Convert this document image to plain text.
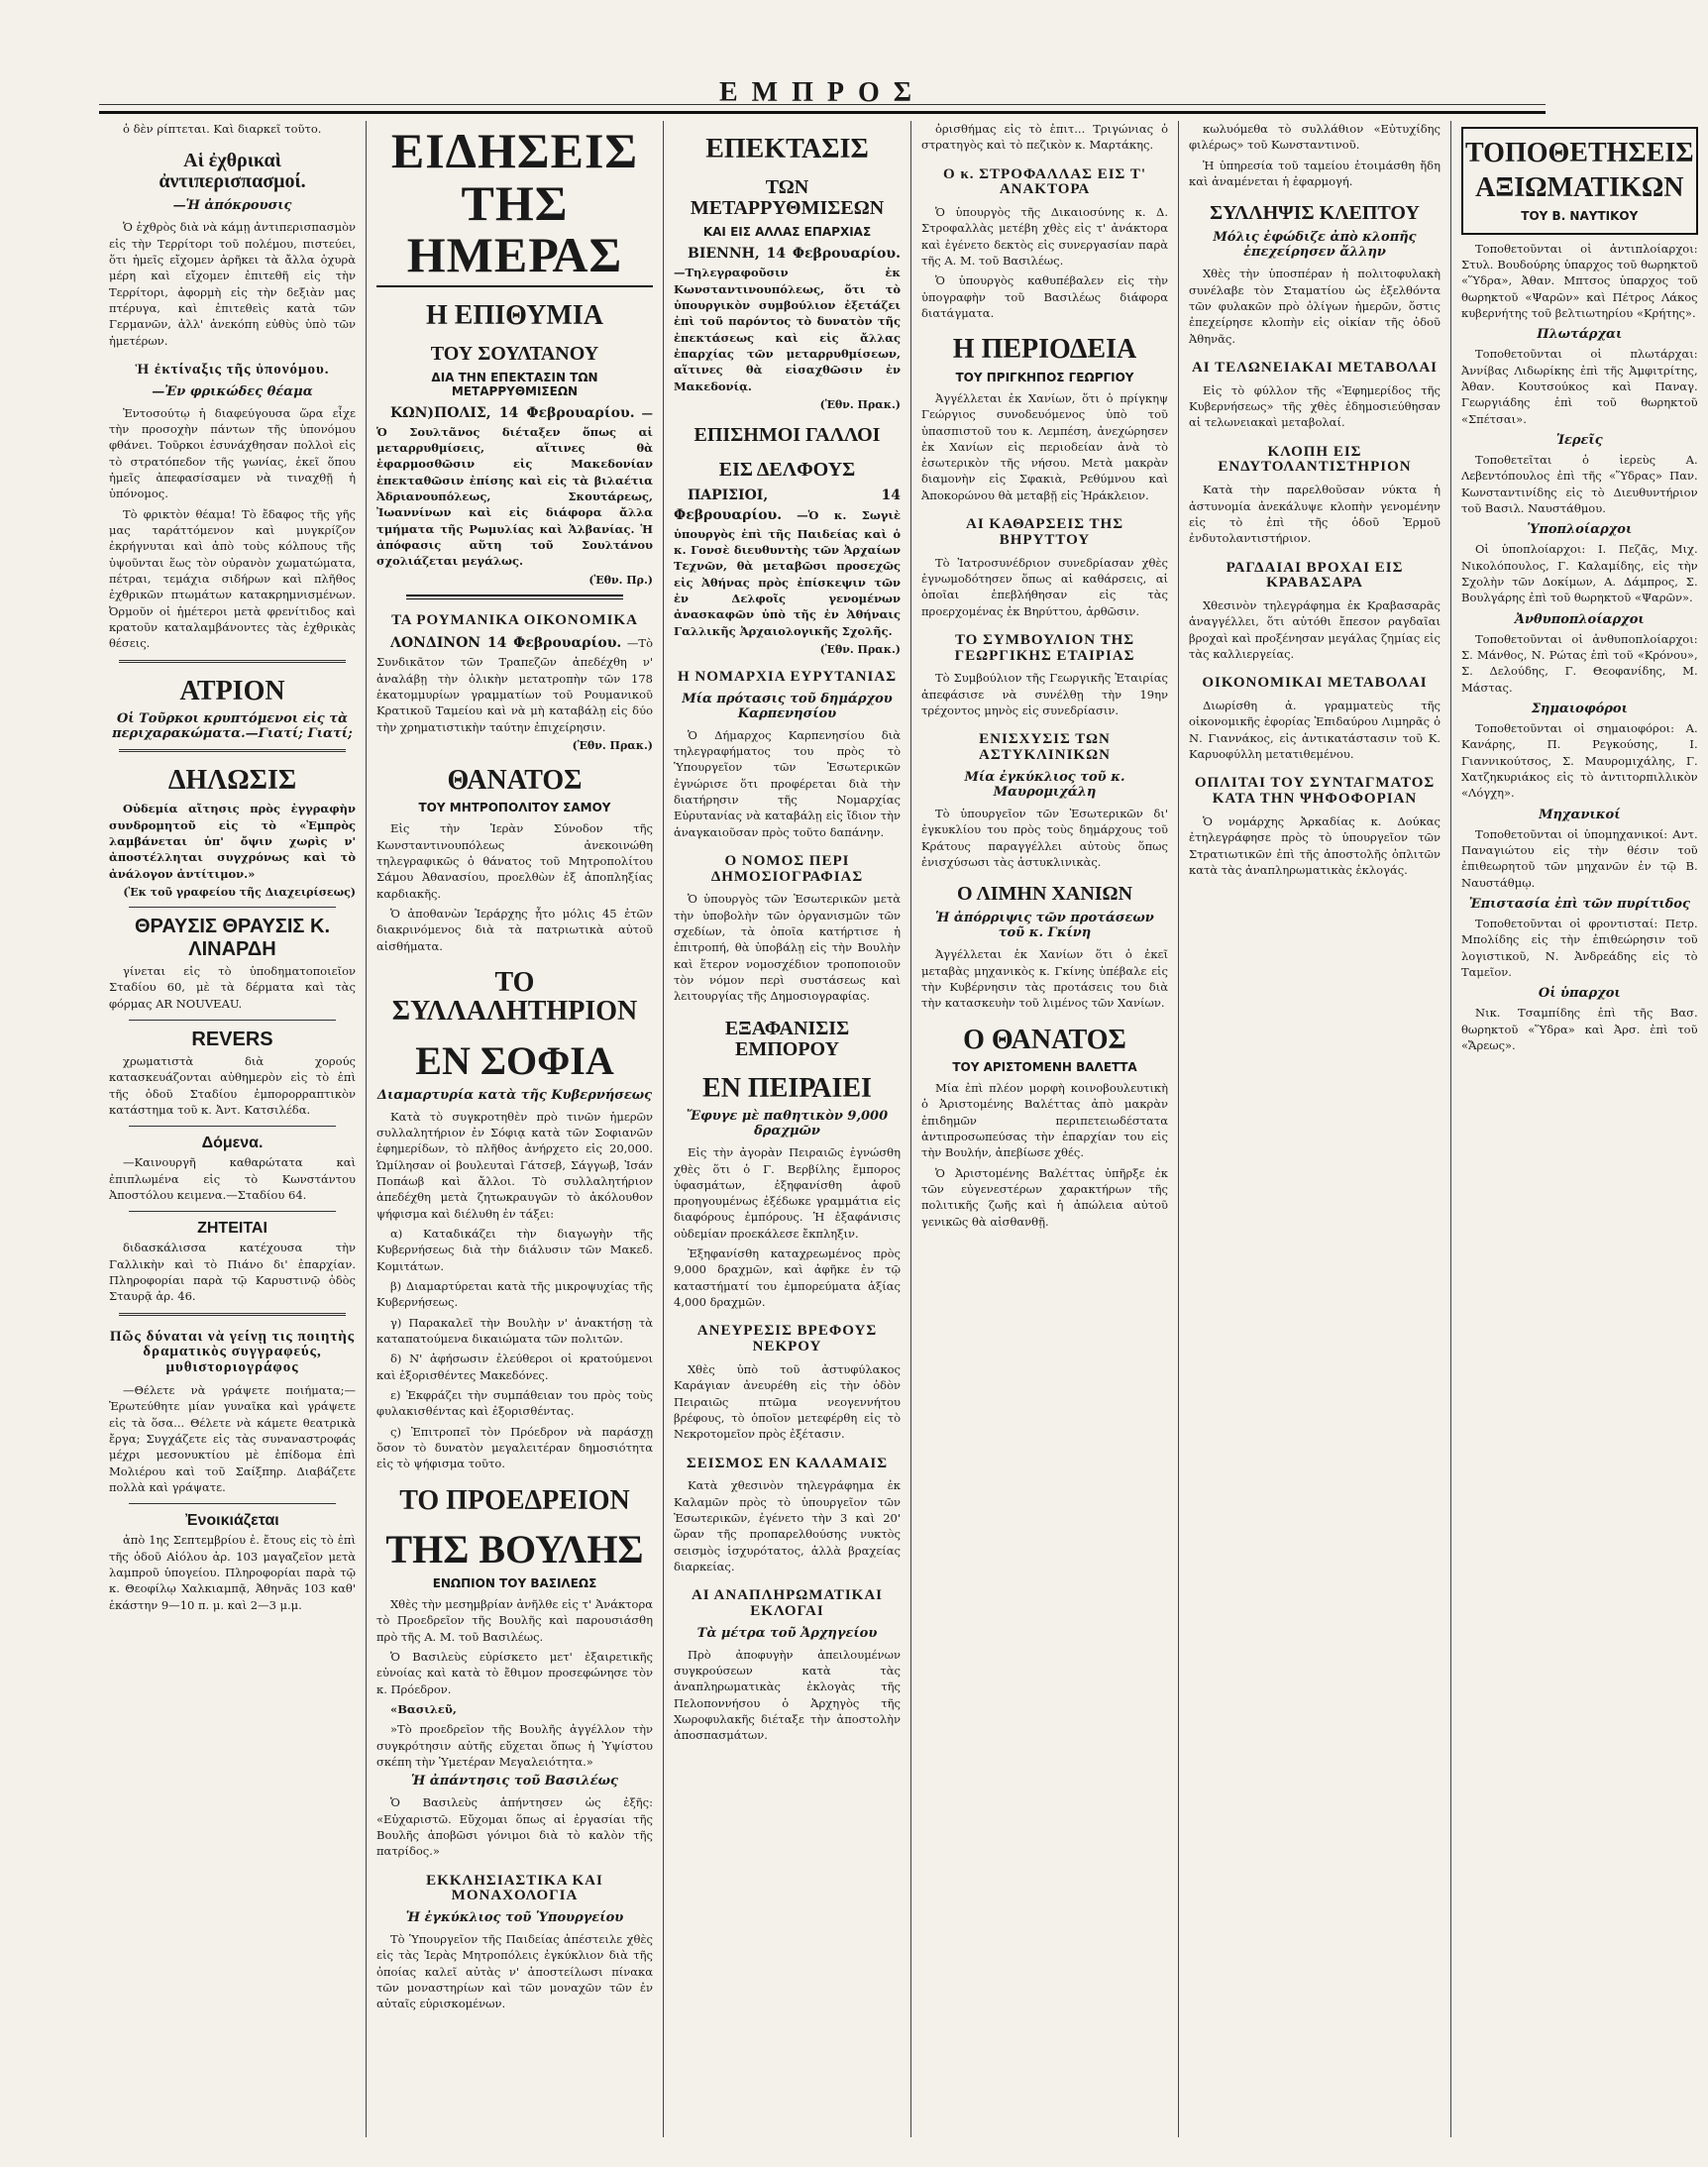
ΕΜΠΡΟΣ

ὁ δὲν ρίπτεται. Καὶ διαρκεῖ τοῦτο.

Αἱ ἐχθρικαὶ ἀντιπερισπασμοί.
—Ἡ ἀπόκρουσις

Ὁ ἐχθρὸς διὰ νὰ κάμῃ ἀντιπερισπασμὸν εἰς τὴν Τερρίτορι τοῦ πολέμου, πιστεύει, ὅτι ἡμεῖς εἴχομεν ἀρῆκει τὰ ἄλλα ὀχυρὰ μέρη καὶ εἴχομεν ἐπιτεθῆ εἰς τὴν Τερρίτορι, ἀφορμὴ εἰς τὴν δεξιὰν μας πτέρυγα, καὶ ἐπιτεθεὶς κατὰ τῶν Γερμανῶν, ἀλλ' ἀνεκόπη εὐθὺς ὑπὸ τῶν ἡμετέρων.

Ἡ ἐκτίναξις τῆς ὑπονόμου.
—Ἐν φρικώδες θέαμα

Ἐντοσούτῳ ἡ διαφεύγουσα ὥρα εἶχε τὴν προσοχὴν πάντων τῆς ὑπονόμου φθάνει. Τοῦρκοι ἐσυνάχθησαν πολλοὶ εἰς τὸ στρατόπεδον τῆς γωνίας, ἐκεῖ ὅπου ἡμεῖς ἀπεφασίσαμεν νὰ τιναχθῇ ἡ ὑπόνομος.

Τὸ φρικτὸν θέαμα! Τὸ ἔδαφος τῆς γῆς μας ταράττόμενον καὶ μυγκρίζον ἐκρήγνυται καὶ ἀπὸ τοὺς κόλπους τῆς ὑψοῦνται ἕως τὸν οὐρανὸν χωματώματα, πέτραι, τεμάχια σιδήρων καὶ πλῆθος ἐχθρικῶν πτωμάτων κατακρημνισμένων. Ὀρμοῦν οἱ ἡμέτεροι μετὰ φρενίτιδος καὶ κρατοῦν καταλαμβάνοντες τὰς ἐχθρικὰς θέσεις.

ΑΤΡΙΟΝ
Οἱ Τοῦρκοι κρυπτόμενοι εἰς τὰ περιχαρακώματα.—Γιατί; Γιατί;
ΔΗΛΩΣΙΣ

Οὐδεμία αἴτησις πρὸς ἐγγραφὴν συνδρομητοῦ εἰς τὸ «Ἐμπρὸς λαμβάνεται ὑπ' ὄψιν χωρὶς ν' ἀποστέλληται συγχρόνως καὶ τὸ ἀνάλογον ἀντίτιμον.»

(Ἐκ τοῦ γραφείου τῆς Διαχειρίσεως)
ΘΡΑΥΣΙΣ ΘΡΑΥΣΙΣ Κ. ΛΙΝΑΡΔΗ

γίνεται εἰς τὸ ὑποδηματοποιεῖον Σταδίου 60, μὲ τὰ δέρματα καὶ τὰς φόρμας AR NOUVEAU.

REVERS

χρωματιστὰ διὰ χορούς κατασκευάζονται αὐθημερὸν εἰς τὸ ἐπὶ τῆς ὁδοῦ Σταδίου ἐμπορορραπτικὸν κατάστημα τοῦ κ. Ἀντ. Κατσιλέδα.

Δόμενα.

—Καινουργῆ καθαρώτατα καὶ ἐπιπλωμένα εἰς τὸ Κωνστάντου Ἀποστόλου κειμενα.—Σταδίου 64.

ΖΗΤΕΙΤΑΙ

διδασκάλισσα κατέχουσα τὴν Γαλλικὴν καὶ τὸ Πιάνο δι' ἐπαρχίαν. Πληροφορίαι παρὰ τῷ Καρυστινῷ ὁδὸς Σταυρᾷ ἀρ. 46.

Πῶς δύναται νὰ γείνῃ τις ποιητὴς δραματικὸς συγγραφεύς, μυθιστοριογράφος

—Θέλετε νὰ γράψετε ποιήματα;—Ἐρωτεύθητε μίαν γυναῖκα καὶ γράψετε εἰς τὰ ὅσα... Θέλετε νὰ κάμετε θεατρικὰ ἔργα; Συγχάζετε εἰς τὰς συναναστροφάς μέχρι μεσονυκτίου μὲ ἐπίδομα ἐπὶ Μολιέρου καὶ τοῦ Σαίξπηρ. Διαβάζετε πολλὰ καὶ γράψατε.

Ἐνοικιάζεται

ἀπὸ 1ης Σεπτεμβρίου ἐ. ἔτους εἰς τὸ ἐπὶ τῆς ὁδοῦ Αἰόλου ἀρ. 103 μαγαζεῖον μετὰ λαμπροῦ ὑπογείου. Πληροφορίαι παρὰ τῷ κ. Θεοφίλῳ Χαλκιαμπᾷ, Ἀθηνᾶς 103 καθ' ἑκάστην 9—10 π. μ. καὶ 2—3 μ.μ.

ΕΙΔΗΣΕΙΣ ΤΗΣ ΗΜΕΡΑΣ
Η ΕΠΙΘΥΜΙΑ
ΤΟΥ ΣΟΥΛΤΑΝΟΥ
ΔΙΑ ΤΗΝ ΕΠΕΚΤΑΣΙΝ ΤΩΝ ΜΕΤΑΡΡΥΘΜΙΣΕΩΝ

ΚΩΝ)ΠΟΛΙΣ, 14 Φεβρουαρίου. —Ὁ Σουλτᾶνος διέταξεν ὅπως αἱ μεταρρυθμίσεις, αἵτινες θὰ ἐφαρμοσθῶσιν εἰς Μακεδονίαν ἐπεκταθῶσιν ἐπίσης καὶ εἰς τὰ βιλαέτια Ἀδριανουπόλεως, Σκουτάρεως, Ἰωαννίνων καὶ εἰς διάφορα ἄλλα τμήματα τῆς Ρωμυλίας καὶ Ἀλβανίας. Ἡ ἀπόφασις αὕτη τοῦ Σουλτάνου σχολιάζεται μεγάλως.

(Ἐθν. Πρ.)
ΤΑ ΡΟΥΜΑΝΙΚΑ ΟΙΚΟΝΟΜΙΚΑ

ΛΟΝΔΙΝΟΝ 14 Φεβρουαρίου. —Τὸ Συνδικᾶτον τῶν Τραπεζῶν ἀπεδέχθη ν' ἀναλάβῃ τὴν ὁλικὴν μετατροπὴν τῶν 178 ἑκατομμυρίων γραμματίων τοῦ Ρουμανικοῦ Κρατικοῦ Ταμείου καὶ νὰ μὴ καταβάλῃ εἰς δύο τὴν χρηματιστικὴν ταύτην ἐπιχείρησιν.

(Ἐθν. Πρακ.)
ΘΑΝΑΤΟΣ
ΤΟΥ ΜΗΤΡΟΠΟΛΙΤΟΥ ΣΑΜΟΥ

Εἰς τὴν Ἱερὰν Σύνοδον τῆς Κωνσταντινουπόλεως ἀνεκοινώθη τηλεγραφικῶς ὁ θάνατος τοῦ Μητροπολίτου Σάμου Ἀθανασίου, προελθὼν ἐξ ἀποπληξίας καρδιακῆς.

Ὁ ἀποθανὼν Ἱεράρχης ἦτο μόλις 45 ἐτῶν διακρινόμενος διὰ τὰ πατριωτικὰ αὐτοῦ αἰσθήματα.

ΤΟ ΣΥΛΛΑΛΗΤΗΡΙΟΝ
ΕΝ ΣΟΦΙΑ
Διαμαρτυρία κατὰ τῆς Κυβερνήσεως

Κατὰ τὸ συγκροτηθὲν πρὸ τινῶν ἡμερῶν συλλαλητήριον ἐν Σόφιᾳ κατὰ τῶν Σοφιανῶν ἐφημερίδων, τὸ πλῆθος ἀνήρχετο εἰς 20,000. Ὡμίλησαν οἱ βουλευταὶ Γάτσεβ, Σάγγωβ, Ἰσάν Ποπάωβ καὶ ἄλλοι. Τὸ συλλαλητήριον ἀπεδέχθη μετὰ ζητωκραυγῶν τὸ ἀκόλουθον ψήφισμα καὶ διέλυθη ἐν τάξει:

α) Καταδικάζει τὴν διαγωγὴν τῆς Κυβερνήσεως διὰ τὴν διάλυσιν τῶν Μακεδ. Κομιτάτων.

β) Διαμαρτύρεται κατὰ τῆς μικροψυχίας τῆς Κυβερνήσεως.

γ) Παρακαλεῖ τὴν Βουλὴν ν' ἀνακτήσῃ τὰ καταπατούμενα δικαιώματα τῶν πολιτῶν.

δ) Ν' ἀφήσωσιν ἐλεύθεροι οἱ κρατούμενοι καὶ ἐξορισθέντες Μακεδόνες.

ε) Ἐκφράζει τὴν συμπάθειαν του πρὸς τοὺς φυλακισθέντας καὶ ἐξορισθέντας.

ς) Ἐπιτροπεῖ τὸν Πρόεδρον νὰ παράσχῃ ὅσον τὸ δυνατὸν μεγαλειτέραν δημοσιότητα εἰς τὸ ψήφισμα τοῦτο.

ΤΟ ΠΡΟΕΔΡΕΙΟΝ
ΤΗΣ ΒΟΥΛΗΣ
ΕΝΩΠΙΟΝ ΤΟΥ ΒΑΣΙΛΕΩΣ

Χθὲς τὴν μεσημβρίαν ἀνῆλθε εἰς τ' Ἀνάκτορα τὸ Προεδρεῖον τῆς Βουλῆς καὶ παρουσιάσθη πρὸ τῆς Α. Μ. τοῦ Βασιλέως.

Ὁ Βασιλεὺς εὑρίσκετο μετ' ἐξαιρετικῆς εὐνοίας καὶ κατὰ τὸ ἔθιμον προσεφώνησε τὸν κ. Πρόεδρον.

«Βασιλεῦ,

»Τὸ προεδρεῖον τῆς Βουλῆς ἀγγέλλον τὴν συγκρότησιν αὐτῆς εὔχεται ὅπως ἡ Ὑψίστου σκέπη τὴν Ὑμετέραν Μεγαλειότητα.»

Ἡ ἀπάντησις τοῦ Βασιλέως

Ὁ Βασιλεὺς ἀπήντησεν ὡς ἑξῆς: «Εὐχαριστῶ. Εὔχομαι ὅπως αἱ ἐργασίαι τῆς Βουλῆς ἀποβῶσι γόνιμοι διὰ τὸ καλὸν τῆς πατρίδος.»

ΕΚΚΛΗΣΙΑΣΤΙΚΑ ΚΑΙ ΜΟΝΑΧΟΛΟΓΙΑ
Ἡ ἐγκύκλιος τοῦ Ὑπουργείου

Τὸ Ὑπουργεῖον τῆς Παιδείας ἀπέστειλε χθὲς εἰς τὰς Ἱερὰς Μητροπόλεις ἐγκύκλιον διὰ τῆς ὁποίας καλεῖ αὐτὰς ν' ἀποστείλωσι πίνακα τῶν μοναστηρίων καὶ τῶν μοναχῶν τῶν ἐν αὐταῖς εὑρισκομένων.

ΕΠΕΚΤΑΣΙΣ
ΤΩΝ ΜΕΤΑΡΡΥΘΜΙΣΕΩΝ
ΚΑΙ ΕΙΣ ΑΛΛΑΣ ΕΠΑΡΧΙΑΣ

ΒΙΕΝΝΗ, 14 Φεβρουαρίου. —Τηλεγραφοῦσιν ἐκ Κωνσταντινουπόλεως, ὅτι τὸ ὑπουργικὸν συμβούλιον ἐξετάζει ἐπὶ τοῦ παρόντος τὸ δυνατὸν τῆς ἐπεκτάσεως καὶ εἰς ἄλλας ἐπαρχίας τῶν μεταρρυθμίσεων, αἵτινες θὰ εἰσαχθῶσιν ἐν Μακεδονίᾳ.

(Ἐθν. Πρακ.)
ΕΠΙΣΗΜΟΙ ΓΑΛΛΟΙ
ΕΙΣ ΔΕΛΦΟΥΣ

ΠΑΡΙΣΙΟΙ, 14 Φεβρουαρίου. —Ὁ κ. Σωγιὲ ὑπουργὸς ἐπὶ τῆς Παιδείας καὶ ὁ κ. Γονσὲ διευθυντὴς τῶν Ἀρχαίων Τεχνῶν, θὰ μεταβῶσι προσεχῶς εἰς Ἀθήνας πρὸς ἐπίσκεψιν τῶν ἐν Δελφοῖς γενομένων ἀνασκαφῶν ὑπὸ τῆς ἐν Ἀθήναις Γαλλικῆς Ἀρχαιολογικῆς Σχολῆς.

(Ἐθν. Πρακ.)
Η ΝΟΜΑΡΧΙΑ ΕΥΡΥΤΑΝΙΑΣ
Μία πρότασις τοῦ δημάρχου Καρπενησίου

Ὁ Δήμαρχος Καρπενησίου διὰ τηλεγραφήματος του πρὸς τὸ Ὑπουργεῖον τῶν Ἐσωτερικῶν ἐγνώρισε ὅτι προφέρεται διὰ τὴν διατήρησιν τῆς Νομαρχίας Εὐρυτανίας νὰ καταβάλῃ εἰς ἴδιον τὴν ἀναγκαιοῦσαν πρὸς τοῦτο δαπάνην.

Ο ΝΟΜΟΣ ΠΕΡΙ ΔΗΜΟΣΙΟΓΡΑΦΙΑΣ

Ὁ ὑπουργὸς τῶν Ἐσωτερικῶν μετὰ τὴν ὑποβολὴν τῶν ὀργανισμῶν τῶν σχεδίων, τὰ ὁποῖα κατήρτισε ἡ ἐπιτροπή, θὰ ὑποβάλῃ εἰς τὴν Βουλὴν καὶ ἕτερον νομοσχέδιον τροποποιοῦν τὸν νόμον περὶ συστάσεως καὶ λειτουργίας τῆς Δημοσιογραφίας.

ΕΞΑΦΑΝΙΣΙΣ ΕΜΠΟΡΟΥ
ΕΝ ΠΕΙΡΑΙΕΙ
Ἔφυγε μὲ παθητικὸν 9,000 δραχμῶν

Εἰς τὴν ἀγορὰν Πειραιῶς ἐγνώσθη χθὲς ὅτι ὁ Γ. Βερβίλης ἔμπορος ὑφασμάτων, ἐξηφανίσθη ἀφοῦ προηγουμένως ἐξέδωκε γραμμάτια εἰς διαφόρους ἐμπόρους. Ἡ ἐξαφάνισις οὐδεμίαν προεκάλεσε ἔκπληξιν.

Ἐξηφανίσθη καταχρεωμένος πρὸς 9,000 δραχμῶν, καὶ ἀφῆκε ἐν τῷ καταστήματί του ἐμπορεύματα ἀξίας 4,000 δραχμῶν.

ΑΝΕΥΡΕΣΙΣ ΒΡΕΦΟΥΣ ΝΕΚΡΟΥ

Χθὲς ὑπὸ τοῦ ἀστυφύλακος Καράγιαν ἀνευρέθη εἰς τὴν ὁδὸν Πειραιῶς πτῶμα νεογεννήτου βρέφους, τὸ ὁποῖον μετεφέρθη εἰς τὸ Νεκροτομεῖον πρὸς ἐξέτασιν.

ΣΕΙΣΜΟΣ ΕΝ ΚΑΛΑΜΑΙΣ

Κατὰ χθεσινὸν τηλεγράφημα ἐκ Καλαμῶν πρὸς τὸ ὑπουργεῖον τῶν Ἐσωτερικῶν, ἐγένετο τὴν 3 καὶ 20' ὥραν τῆς προπαρελθούσης νυκτὸς σεισμὸς ἰσχυρότατος, ἀλλὰ βραχείας διαρκείας.

ΑΙ ΑΝΑΠΛΗΡΩΜΑΤΙΚΑΙ ΕΚΛΟΓΑΙ
Τὰ μέτρα τοῦ Ἀρχηγείου

Πρὸ ἀποφυγὴν ἀπειλουμένων συγκρούσεων κατὰ τὰς ἀναπληρωματικὰς ἐκλογὰς τῆς Πελοποννήσου ὁ Ἀρχηγὸς τῆς Χωροφυλακῆς διέταξε τὴν ἀποστολὴν ἀποσπασμάτων.

ὁρισθήμας εἰς τὸ ἐπιτ... Τριγώνιας ὁ στρατηγὸς καὶ τὸ πεζικὸν κ. Μαρτάκης.

Ο κ. ΣΤΡΟΦΑΛΛΑΣ ΕΙΣ Τ' ΑΝΑΚΤΟΡΑ

Ὁ ὑπουργὸς τῆς Δικαιοσύνης κ. Δ. Στροφαλλὰς μετέβη χθὲς εἰς τ' ἀνάκτορα καὶ ἐγένετο δεκτὸς εἰς συνεργασίαν παρὰ τῆς Α. Μ. τοῦ Βασιλέως.

Ὁ ὑπουργὸς καθυπέβαλεν εἰς τὴν ὑπογραφὴν τοῦ Βασιλέως διάφορα διατάγματα.

Η ΠΕΡΙΟΔΕΙΑ
ΤΟΥ ΠΡΙΓΚΗΠΟΣ ΓΕΩΡΓΙΟΥ

Ἀγγέλλεται ἐκ Χανίων, ὅτι ὁ πρίγκηψ Γεώργιος συνοδευόμενος ὑπὸ τοῦ ὑπασπιστοῦ του κ. Λεμπέση, ἀνεχώρησεν ἐκ Χανίων εἰς περιοδείαν ἀνὰ τὸ ἐσωτερικὸν τῆς νήσου. Μετὰ μακρὰν διαμονὴν εἰς Σφακιὰ, Ρεθύμνου καὶ Ἀποκορώνου θὰ μεταβῇ εἰς Ἡράκλειον.

ΑΙ ΚΑΘΑΡΣΕΙΣ ΤΗΣ ΒΗΡΥΤΤΟΥ

Τὸ Ἰατροσυνέδριον συνεδρίασαν χθὲς ἐγνωμοδότησεν ὅπως αἱ καθάρσεις, αἱ ὁποῖαι ἐπεβλήθησαν εἰς τὰς προερχομένας ἐκ Βηρύττου, ἀρθῶσιν.

ΤΟ ΣΥΜΒΟΥΛΙΟΝ ΤΗΣ ΓΕΩΡΓΙΚΗΣ ΕΤΑΙΡΙΑΣ

Τὸ Συμβούλιον τῆς Γεωργικῆς Ἑταιρίας ἀπεφάσισε νὰ συνέλθῃ τὴν 19ην τρέχοντος μηνὸς εἰς συνεδρίασιν.

ΕΝΙΣΧΥΣΙΣ ΤΩΝ ΑΣΤΥΚΛΙΝΙΚΩΝ
Μία ἐγκύκλιος τοῦ κ. Μαυρομιχάλη

Τὸ ὑπουργεῖον τῶν Ἐσωτερικῶν δι' ἐγκυκλίου του πρὸς τοὺς δημάρχους τοῦ Κράτους παραγγέλλει αὐτοὺς ὅπως ἐνισχύσωσι τὰς ἀστυκλινικὰς.

Ο ΛΙΜΗΝ ΧΑΝΙΩΝ
Ἡ ἀπόρριψις τῶν προτάσεων τοῦ κ. Γκίνη

Ἀγγέλλεται ἐκ Χανίων ὅτι ὁ ἐκεῖ μεταβὰς μηχανικὸς κ. Γκίνης ὑπέβαλε εἰς τὴν Κυβέρνησιν τὰς προτάσεις του διὰ τὴν κατασκευὴν τοῦ λιμένος τῶν Χανίων.

Ο ΘΑΝΑΤΟΣ
ΤΟΥ ΑΡΙΣΤΟΜΕΝΗ ΒΑΛΕΤΤΑ

Μία ἐπὶ πλέον μορφὴ κοινοβουλευτικὴ ὁ Ἀριστομένης Βαλέττας ἀπὸ μακρὰν ἐπιδημῶν περιπετειωδέστατα ἀντιπροσωπεύσας τὴν ἐπαρχίαν του εἰς τὴν Βουλήν, ἀπεβίωσε χθές.

Ὁ Ἀριστομένης Βαλέττας ὑπῆρξε ἐκ τῶν εὐγενεστέρων χαρακτήρων τῆς πολιτικῆς ζωῆς καὶ ἡ ἀπώλεια αὐτοῦ γενικῶς θὰ αἰσθανθῇ.

κωλυόμεθα τὸ συλλάθιον «Εὐτυχίδης φιλέρως» τοῦ Κωνσταντινοῦ.

Ἡ ὑπηρεσία τοῦ ταμείου ἐτοιμάσθη ἤδη καὶ ἀναμένεται ἡ ἐφαρμογή.

ΣΥΛΛΗΨΙΣ ΚΛΕΠΤΟΥ
Μόλις ἐφώδιζε ἀπὸ κλοπῆς ἐπεχείρησεν ἄλλην

Χθὲς τὴν ὑποσπέραν ἡ πολιτοφυλακὴ συνέλαβε τὸν Σταματίου ὡς ἐξελθόντα τῶν φυλακῶν πρὸ ὀλίγων ἡμερῶν, ὅστις ἐπεχείρησε κλοπὴν εἰς οἰκίαν τῆς ὁδοῦ Ἀθηνᾶς.

ΑΙ ΤΕΛΩΝΕΙΑΚΑΙ ΜΕΤΑΒΟΛΑΙ

Εἰς τὸ φύλλον τῆς «Ἐφημερίδος τῆς Κυβερνήσεως» τῆς χθὲς ἐδημοσιεύθησαν αἱ τελωνειακαὶ μεταβολαί.

ΚΛΟΠΗ ΕΙΣ ΕΝΔΥΤΟΛΑΝΤΙΣΤΗΡΙΟΝ

Κατὰ τὴν παρελθοῦσαν νύκτα ἡ ἀστυνομία ἀνεκάλυψε κλοπὴν γενομένην εἰς τὸ ἐπὶ τῆς ὁδοῦ Ἑρμοῦ ἐνδυτολαντιστήριον.

ΡΑΓΔΑΙΑΙ ΒΡΟΧΑΙ ΕΙΣ ΚΡΑΒΑΣΑΡΑ

Χθεσινὸν τηλεγράφημα ἐκ Κραβασαρᾶς ἀναγγέλλει, ὅτι αὐτόθι ἔπεσον ραγδαῖαι βροχαὶ καὶ προξένησαν μεγάλας ζημίας εἰς τὰς καλλιεργείας.

ΟΙΚΟΝΟΜΙΚΑΙ ΜΕΤΑΒΟΛΑΙ

Διωρίσθη ἀ. γραμματεὺς τῆς οἰκονομικῆς ἐφορίας Ἐπιδαύρου Λιμηρᾶς ὁ Ν. Γιαννάκος, εἰς ἀντικατάστασιν τοῦ Κ. Καρυοφύλλη μετατιθεμένου.

ΟΠΛΙΤΑΙ ΤΟΥ ΣΥΝΤΑΓΜΑΤΟΣ ΚΑΤΑ ΤΗΝ ΨΗΦΟΦΟΡΙΑΝ

Ὁ νομάρχης Ἀρκαδίας κ. Δούκας ἐτηλεγράφησε πρὸς τὸ ὑπουργεῖον τῶν Στρατιωτικῶν ἐπὶ τῆς ἀποστολῆς ὁπλιτῶν κατὰ τὰς ἀναπληρωματικὰς ἐκλογάς.

ΤΟΠΟΘΕΤΗΣΕΙΣ
ΑΞΙΩΜΑΤΙΚΩΝ
ΤΟΥ Β. ΝΑΥΤΙΚΟΥ

Τοποθετοῦνται οἱ ἀντιπλοίαρχοι: Στυλ. Βουδούρης ὑπαρχος τοῦ θωρηκτοῦ «Ὕδρα», Ἀθαν. Μπτσος ὑπαρχος τοῦ θωρηκτοῦ «Ψαρῶν» καὶ Πέτρος Λάκος κυβερνήτης τοῦ βελτιωτηρίου «Κρήτης».

Πλωτάρχαι

Τοποθετοῦνται οἱ πλωτάρχαι: Ἀννίβας Λιδωρίκης ἐπὶ τῆς Ἀμφιτρίτης, Ἀθαν. Κουτσούκος καὶ Παναγ. Γεωργιάδης ἐπὶ τοῦ θωρηκτοῦ «Σπέτσαι».

Ἱερεῖς

Τοποθετεῖται ὁ ἱερεὺς Α. Λεβεντόπουλος ἐπὶ τῆς «Ὕδρας» Παν. Κωνσταντινίδης εἰς τὸ Διευθυντήριον τοῦ Βασιλ. Ναυστάθμου.

Ὑποπλοίαρχοι

Οἱ ὑποπλοίαρχοι: Ι. Πεζᾶς, Μιχ. Νικολόπουλος, Γ. Καλαμίδης, εἰς τὴν Σχολὴν τῶν Δοκίμων, Α. Δάμπρος, Σ. Βουλγάρης ἐπὶ τοῦ θωρηκτοῦ «Ψαρῶν».

Ἀνθυποπλοίαρχοι

Τοποθετοῦνται οἱ ἀνθυποπλοίαρχοι: Σ. Μάνθος, Ν. Ρώτας ἐπὶ τοῦ «Κρόνου», Σ. Δελούδης, Γ. Θεοφανίδης, Μ. Μάστας.

Σημαιοφόροι

Τοποθετοῦνται οἱ σημαιοφόροι: Α. Κανάρης, Π. Ρεγκούσης, Ι. Γιαννικούτσος, Σ. Μαυρομιχάλης, Γ. Χατζηκυριάκος εἰς τὸ ἀντιτορπιλλικὸν «Λόγχη».

Μηχανικοί

Τοποθετοῦνται οἱ ὑπομηχανικοί: Αντ. Παναγιώτου εἰς τὴν θέσιν τοῦ ἐπιθεωρητοῦ τῶν μηχανῶν ἐν τῷ Β. Ναυστάθμῳ.

Ἐπιστασία ἐπὶ τῶν πυρίτιδος

Τοποθετοῦνται οἱ φροντισταί: Πετρ. Μπολίδης εἰς τὴν ἐπιθεώρησιν τοῦ λογιστικοῦ, Ν. Ἀνδρεάδης εἰς τὸ Ταμεῖον.

Οἱ ὑπαρχοι

Νικ. Τσαμπίδης ἐπὶ τῆς Βασ. θωρηκτοῦ «Ὕδρα» καὶ Ἀρσ. ἐπὶ τοῦ «Ἄρεως».
